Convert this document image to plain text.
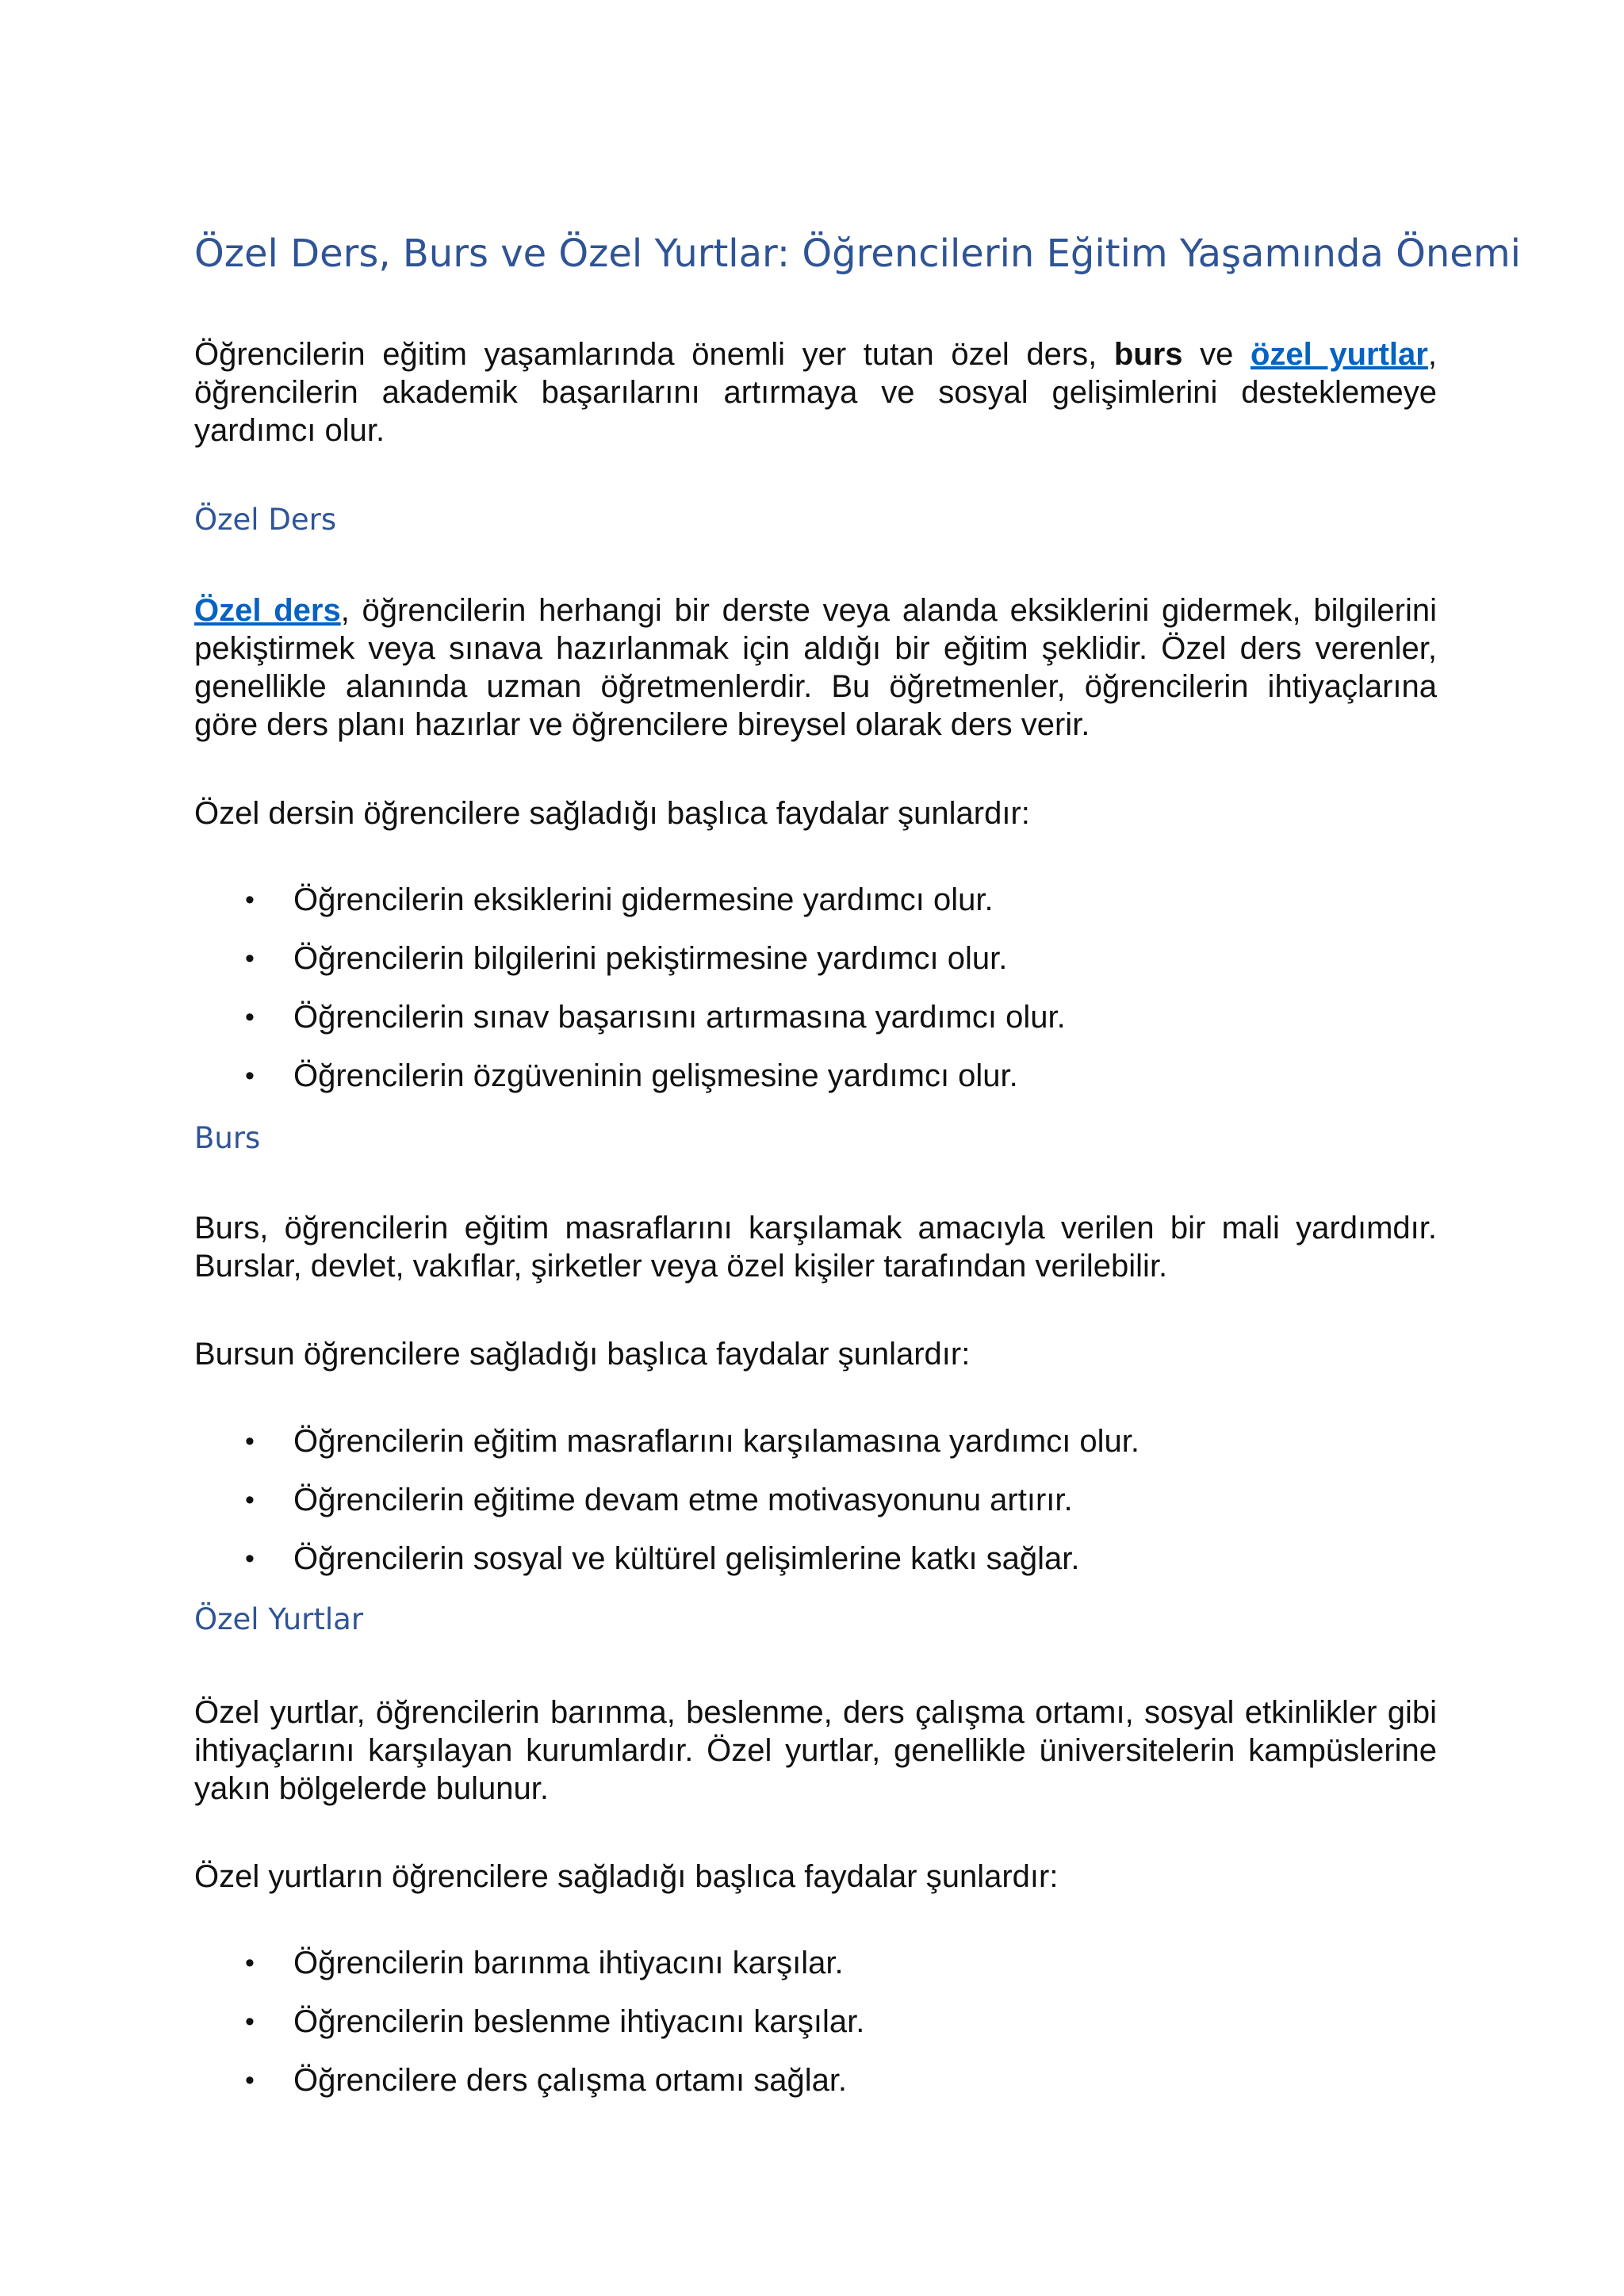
Özel Ders, Burs ve Özel Yurtlar: Öğrencilerin Eğitim Yaşamında Önemi
Öğrencilerin eğitim yaşamlarında önemli yer tutan özel ders, burs ve özel yurtlar, öğrencilerin akademik başarılarını artırmaya ve sosyal gelişimlerini desteklemeye yardımcı olur.
Özel Ders
Özel ders, öğrencilerin herhangi bir derste veya alanda eksiklerini gidermek, bilgilerini pekiştirmek veya sınava hazırlanmak için aldığı bir eğitim şeklidir. Özel ders verenler, genellikle alanında uzman öğretmenlerdir. Bu öğretmenler, öğrencilerin ihtiyaçlarına göre ders planı hazırlar ve öğrencilere bireysel olarak ders verir.
Özel dersin öğrencilere sağladığı başlıca faydalar şunlardır:
• Öğrencilerin eksiklerini gidermesine yardımcı olur.
• Öğrencilerin bilgilerini pekiştirmesine yardımcı olur.
• Öğrencilerin sınav başarısını artırmasına yardımcı olur.
• Öğrencilerin özgüveninin gelişmesine yardımcı olur.
Burs
Burs, öğrencilerin eğitim masraflarını karşılamak amacıyla verilen bir mali yardımdır. Burslar, devlet, vakıflar, şirketler veya özel kişiler tarafından verilebilir.
Bursun öğrencilere sağladığı başlıca faydalar şunlardır:
• Öğrencilerin eğitim masraflarını karşılamasına yardımcı olur.
• Öğrencilerin eğitime devam etme motivasyonunu artırır.
• Öğrencilerin sosyal ve kültürel gelişimlerine katkı sağlar.
Özel Yurtlar
Özel yurtlar, öğrencilerin barınma, beslenme, ders çalışma ortamı, sosyal etkinlikler gibi ihtiyaçlarını karşılayan kurumlardır. Özel yurtlar, genellikle üniversitelerin kampüslerine yakın bölgelerde bulunur.
Özel yurtların öğrencilere sağladığı başlıca faydalar şunlardır:
• Öğrencilerin barınma ihtiyacını karşılar.
• Öğrencilerin beslenme ihtiyacını karşılar.
• Öğrencilere ders çalışma ortamı sağlar.
